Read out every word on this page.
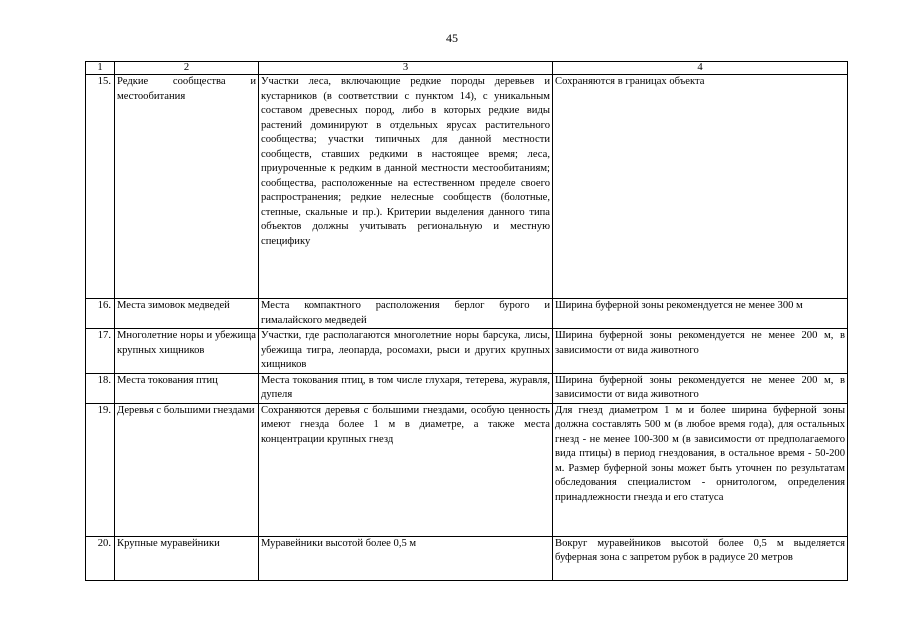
45
1	2	3	4
15.	Редкие сообщества и местообитания	Участки леса, включающие редкие породы деревьев и кустарников (в соответствии с пунктом 14), с уникальным составом древесных пород, либо в которых редкие виды растений доминируют в отдельных ярусах растительного сообщества; участки типичных для данной местности сообществ, ставших редкими в настоящее время; леса, приуроченные к редким в данной местности местообитаниям; сообщества, расположенные на естественном пределе своего распространения; редкие нелесные сообществ (болотные, степные, скальные и пр.). Критерии выделения данного типа объектов должны учитывать региональную и местную специфику	Сохраняются в границах объекта
16.	Места зимовок медведей	Места компактного расположения берлог бурого и гималайского медведей	Ширина буферной зоны рекомендуется не менее 300 м
17.	Многолетние норы и убежища крупных хищников	Участки, где располагаются многолетние норы барсука, лисы, убежища тигра, леопарда, росомахи, рыси и других крупных хищников	Ширина буферной зоны рекомендуется не менее 200 м, в зависимости от вида животного
18.	Места токования птиц	Места токования птиц, в том числе глухаря, тетерева, журавля, дупеля	Ширина буферной зоны рекомендуется не менее 200 м, в зависимости от вида животного
19.	Деревья с большими гнездами	Сохраняются деревья с большими гнездами, особую ценность имеют гнезда более 1 м в диаметре, а также места концентрации крупных гнезд	Для гнезд диаметром 1 м и более ширина буферной зоны должна составлять 500 м (в любое время года), для остальных гнезд - не менее 100-300 м (в зависимости от предполагаемого вида птицы) в период гнездования, в остальное время - 50-200 м. Размер буферной зоны может быть уточнен по результатам обследования специалистом - орнитологом, определения принадлежности гнезда и его статуса
20.	Крупные муравейники	Муравейники высотой более 0,5 м	Вокруг муравейников высотой более 0,5 м выделяется буферная зона с запретом рубок в радиусе 20 метров
